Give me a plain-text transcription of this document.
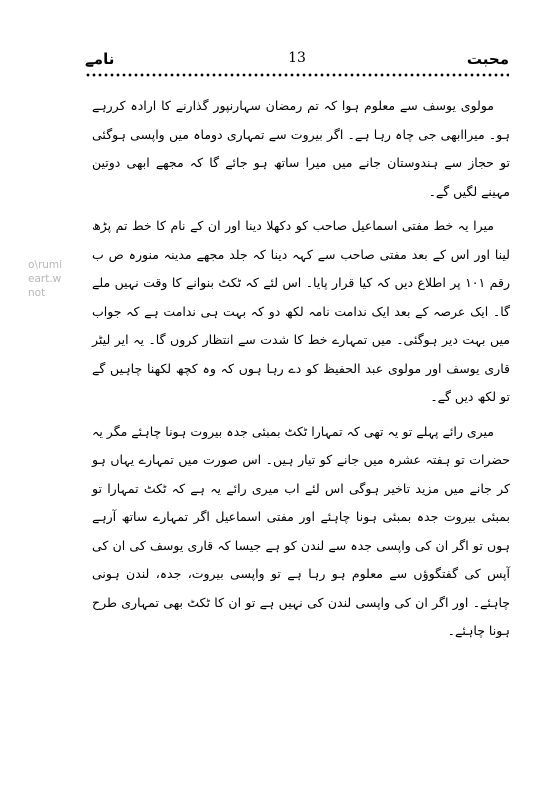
محبت
13
نامے
o\rumi
eart.w
not

مولوی یوسف سے معلوم ہوا کہ تم رمضان سہارنپور گذارنے کا ارادہ کررہے ہو۔ میراابھی جی چاہ رہا ہے۔ اگر بیروت سے تمہاری دوماہ میں واپسی ہوگئی تو حجاز سے ہندوستان جانے میں میرا ساتھ ہو جائے گا کہ مجھے ابھی دوتین مہینے لگیں گے۔

میرا یہ خط مفتی اسماعیل صاحب کو دکھلا دینا اور ان کے نام کا خط تم پڑھ لینا اور اس کے بعد مفتی صاحب سے کہہ دینا کہ جلد مجھے مدینہ منورہ ص ب رقم ۱۰۱ پر اطلاع دیں کہ کیا قرار پایا۔ اس لئے کہ ٹکٹ بنوانے کا وقت نہیں ملے گا۔ ایک عرصہ کے بعد ایک ندامت نامہ لکھ دو کہ بہت ہی ندامت ہے کہ جواب میں بہت دیر ہوگئی۔ میں تمہارے خط کا شدت سے انتظار کروں گا۔ یہ ایر لیٹر قاری یوسف اور مولوی عبد الحفیظ کو دے رہا ہوں کہ وہ کچھ لکھنا چاہیں گے تو لکھ دیں گے۔

میری رائے پہلے تو یہ تھی کہ تمہارا ٹکٹ بمبئی جدہ بیروت ہونا چاہئے مگر یہ حضرات تو ہفتہ عشرہ میں جانے کو تیار ہیں۔ اس صورت میں تمہارے یہاں ہو کر جانے میں مزید تاخیر ہوگی اس لئے اب میری رائے یہ ہے کہ ٹکٹ تمہارا تو بمبئی بیروت جدہ بمبئی ہونا چاہئے اور مفتی اسماعیل اگر تمہارے ساتھ آرہے ہوں تو اگر ان کی واپسی جدہ سے لندن کو ہے جیسا کہ قاری یوسف کی ان کی آپس کی گفتگوؤں سے معلوم ہو رہا ہے تو واپسی بیروت، جدہ، لندن ہونی چاہئے۔ اور اگر ان کی واپسی لندن کی نہیں ہے تو ان کا ٹکٹ بھی تمہاری طرح ہونا چاہئے۔
